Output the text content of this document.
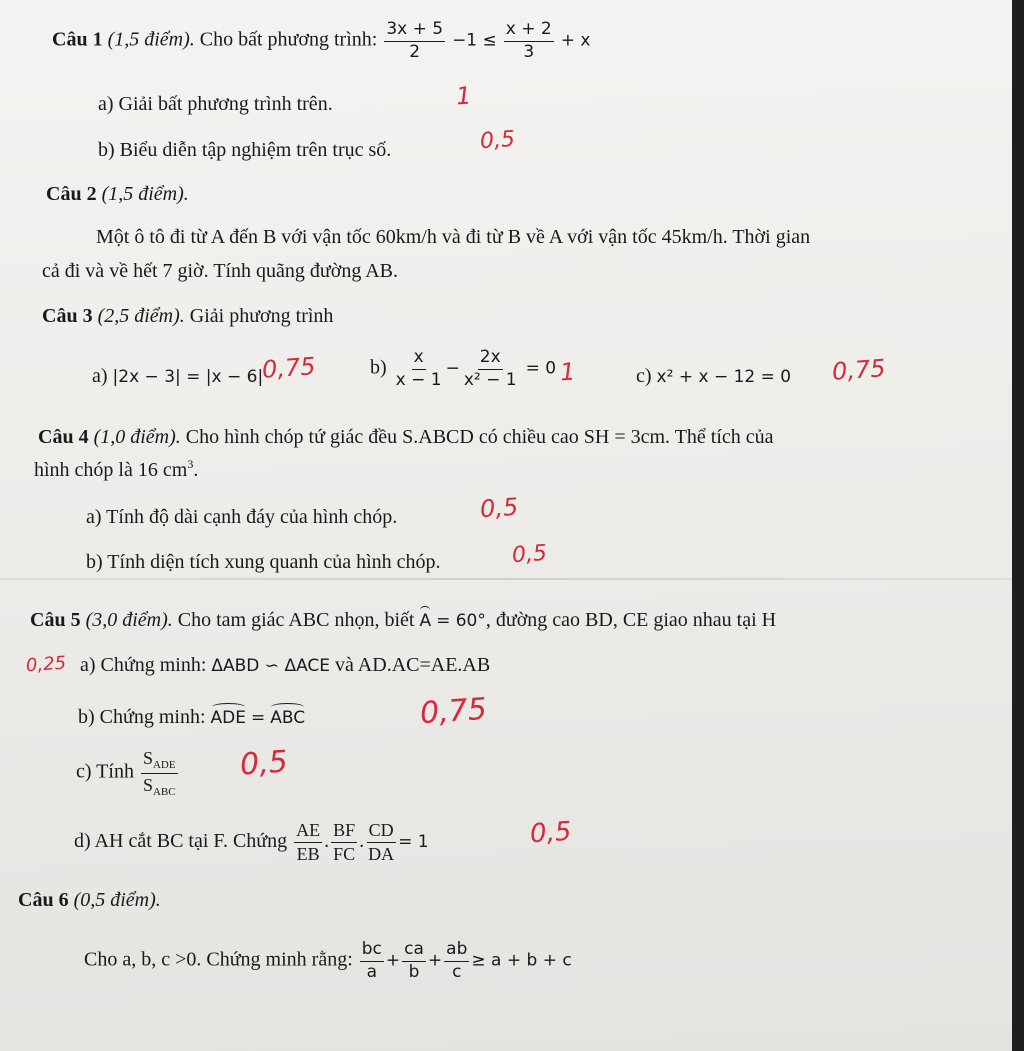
Câu 1 (1,5 điểm). Cho bất phương trình: $\frac{3x + 5}{2} -1 \le \frac{x + 2}{3} + x$
a) Giải bất phương trình trên.
b) Biểu diễn tập nghiệm trên trục số.
Câu 2 (1,5 điểm).
Một ô tô đi từ A đến B với vận tốc 60km/h và đi từ B về A với vận tốc 45km/h. Thời gian
cả đi và về hết 7 giờ. Tính quãng đường AB.
Câu 3 (2,5 điểm). Giải phương trình
a) |2x − 3| = |x − 6|	$b) \frac{x}{x - 1} - \frac{2x}{\text{x² − 1}} = 0$	c) x² + x − 12 = 0
Câu 4 (1,0 điểm). Cho hình chóp tứ giác đều S.ABCD có chiều cao SH = 3cm. Thể tích của
hình chóp là 16 $cm^3$.
a) Tính độ dài cạnh đáy của hình chóp.
b) Tính diện tích xung quanh của hình chóp.
Câu 5 (3,0 điểm). Cho tam giác ABC nhọn, biết A = 60°, đường cao BD, CE giao nhau tại H
a) Chứng minh: ΔABD ∽ ΔACE và AD.AC=AE.AB
b) Chứng minh: ADE = ABC
c) Tính $\frac{S_{ADE}}{S_{ABC}}$
d) AH cắt BC tại F. Chứng $\frac{AE}{EB}$ . $\frac{BF}{FC}$ . $\frac{CD}{DA} = 1$
Câu 6 (0,5 điểm).
Cho a, b, c >0. Chứng minh rằng: $\frac{bc}{a} + \frac{ca}{b} + \frac{ab}{c} \ge a + b + c$
1
0,5
0,75	1	0,75
0,5
0,5
0,25
0,75
0,5
0,5
